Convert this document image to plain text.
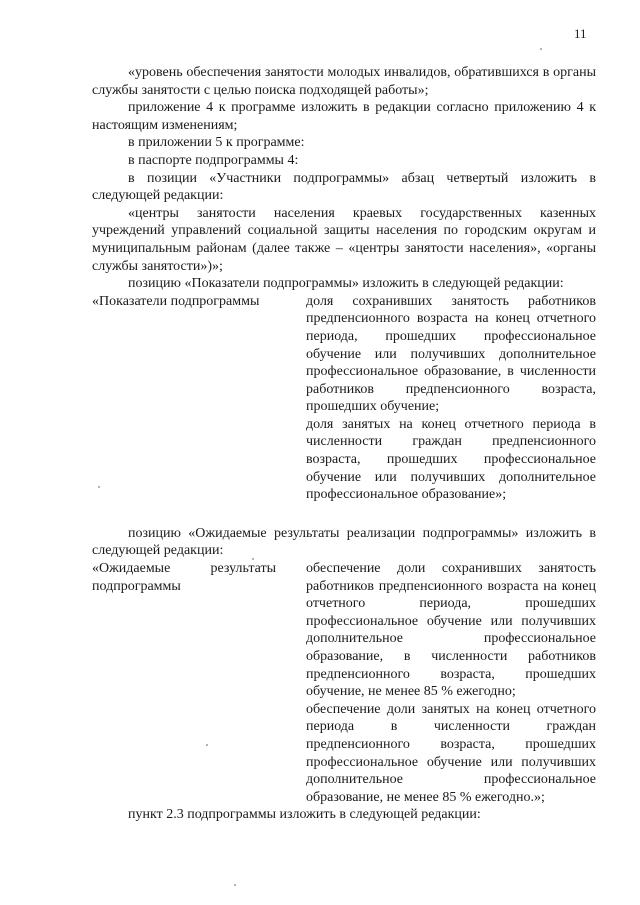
11

«уровень обеспечения занятости молодых инвалидов, обратившихся в органы службы занятости с целью поиска подходящей работы»;

приложение 4 к программе изложить в редакции согласно приложению 4 к настоящим изменениям;

в приложении 5 к программе:

в паспорте подпрограммы 4:

в позиции «Участники подпрограммы» абзац четвертый изложить в следующей редакции:

«центры занятости населения краевых государственных казенных учреждений управлений социальной защиты населения по городским округам и муниципальным районам (далее также – «центры занятости населения», «органы службы занятости»)»;

позицию «Показатели подпрограммы» изложить в следующей редакции:

«Показатели подпрограммы	доля сохранивших занятость работников предпенсионного возраста на конец отчетного периода, прошедших профессиональное обучение или получивших дополнительное профессиональное образование, в численности работников предпенсионного возраста, прошедших обучение;
доля занятых на конец отчетного периода в численности граждан предпенсионного возраста, прошедших профессиональное обучение или получивших дополнительное профессиональное образование»;

позицию «Ожидаемые результаты реализации подпрограммы» изложить в следующей редакции:

«Ожидаемые результаты подпрограммы
обеспечение доли сохранивших занятость работников предпенсионного возраста на конец отчетного периода, прошедших профессиональное обучение или получивших дополнительное профессиональное образование, в численности работников предпенсионного возраста, прошедших обучение, не менее 85 % ежегодно;
обеспечение доли занятых на конец отчетного периода в численности граждан предпенсионного возраста, прошедших профессиональное обучение или получивших дополнительное профессиональное образование, не менее 85 % ежегодно.»;

пункт 2.3 подпрограммы изложить в следующей редакции:
